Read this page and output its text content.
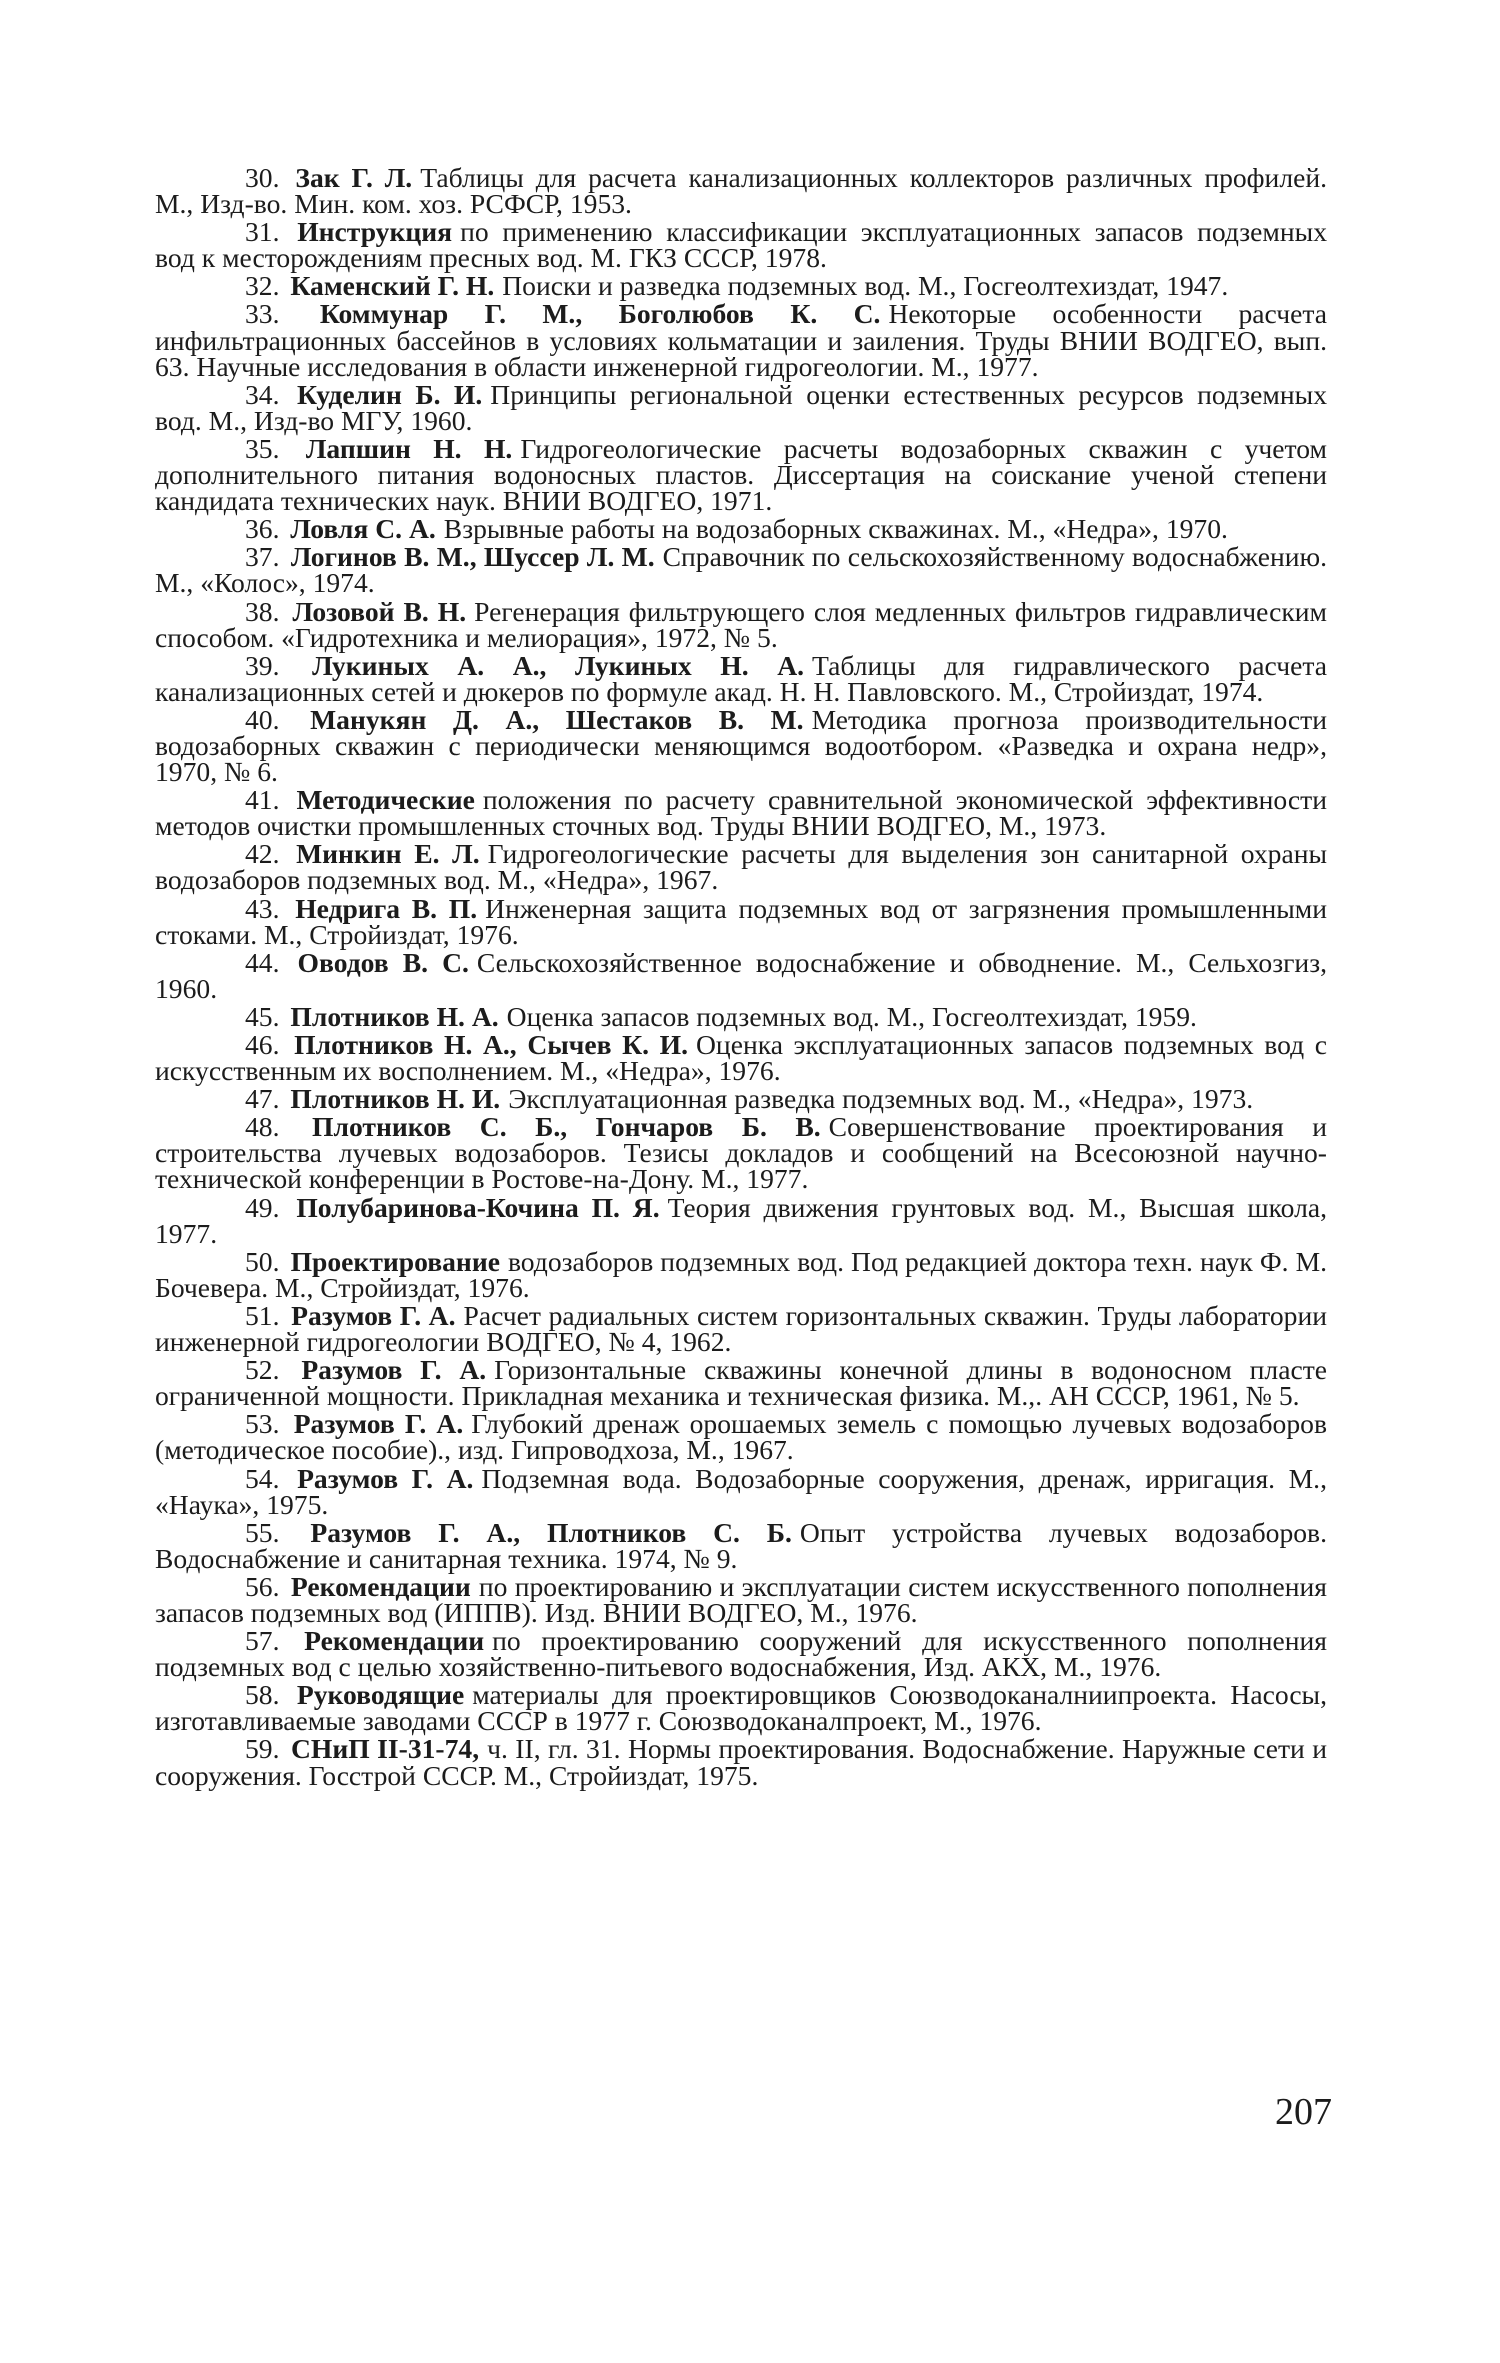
30. Зак Г. Л. Таблицы для расчета канализационных коллекторов различных профилей. М., Изд-во. Мин. ком. хоз. РСФСР, 1953.

31. Инструкция по применению классификации эксплуатационных запасов подземных вод к месторождениям пресных вод. М. ГКЗ СССР, 1978.

32. Каменский Г. Н. Поиски и разведка подземных вод. М., Госгеолтехиздат, 1947.

33. Коммунар Г. М., Боголюбов К. С. Некоторые особенности расчета инфильтрационных бассейнов в условиях кольматации и заиления. Труды ВНИИ ВОДГЕО, вып. 63. Научные исследования в области инженерной гидрогеологии. М., 1977.

34. Куделин Б. И. Принципы региональной оценки естественных ресурсов подземных вод. М., Изд-во МГУ, 1960.

35. Лапшин Н. Н. Гидрогеологические расчеты водозаборных скважин с учетом дополнительного питания водоносных пластов. Диссертация на соискание ученой степени кандидата технических наук. ВНИИ ВОДГЕО, 1971.

36. Ловля С. А. Взрывные работы на водозаборных скважинах. М., «Недра», 1970.

37. Логинов В. М., Шуссер Л. М. Справочник по сельскохозяйственному водоснабжению. М., «Колос», 1974.

38. Лозовой В. Н. Регенерация фильтрующего слоя медленных фильтров гидравлическим способом. «Гидротехника и мелиорация», 1972, № 5.

39. Лукиных А. А., Лукиных Н. А. Таблицы для гидравлического расчета канализационных сетей и дюкеров по формуле акад. Н. Н. Павловского. М., Стройиздат, 1974.

40. Манукян Д. А., Шестаков В. М. Методика прогноза производительности водозаборных скважин с периодически меняющимся водоотбором. «Разведка и охрана недр», 1970, № 6.

41. Методические положения по расчету сравнительной экономической эффективности методов очистки промышленных сточных вод. Труды ВНИИ ВОДГЕО, М., 1973.

42. Минкин Е. Л. Гидрогеологические расчеты для выделения зон санитарной охраны водозаборов подземных вод. М., «Недра», 1967.

43. Недрига В. П. Инженерная защита подземных вод от загрязнения промышленными стоками. М., Стройиздат, 1976.

44. Оводов В. С. Сельскохозяйственное водоснабжение и обводнение. М., Сельхозгиз, 1960.

45. Плотников Н. А. Оценка запасов подземных вод. М., Госгеолтехиздат, 1959.

46. Плотников Н. А., Сычев К. И. Оценка эксплуатационных запасов подземных вод с искусственным их восполнением. М., «Недра», 1976.

47. Плотников Н. И. Эксплуатационная разведка подземных вод. М., «Недра», 1973.

48. Плотников С. Б., Гончаров Б. В. Совершенствование проектирования и строительства лучевых водозаборов. Тезисы докладов и сообщений на Всесоюзной научно-технической конференции в Ростове-на-Дону. М., 1977.

49. Полубаринова-Кочина П. Я. Теория движения грунтовых вод. М., Высшая школа, 1977.

50. Проектирование водозаборов подземных вод. Под редакцией доктора техн. наук Ф. М. Бочевера. М., Стройиздат, 1976.

51. Разумов Г. А. Расчет радиальных систем горизонтальных скважин. Труды лаборатории инженерной гидрогеологии ВОДГЕО, № 4, 1962.

52. Разумов Г. А. Горизонтальные скважины конечной длины в водоносном пласте ограниченной мощности. Прикладная механика и техническая физика. М.,. АН СССР, 1961, № 5.

53. Разумов Г. А. Глубокий дренаж орошаемых земель с помощью лучевых водозаборов (методическое пособие)., изд. Гипроводхоза, М., 1967.

54. Разумов Г. А. Подземная вода. Водозаборные сооружения, дренаж, ирригация. М., «Наука», 1975.

55. Разумов Г. А., Плотников С. Б. Опыт устройства лучевых водозаборов. Водоснабжение и санитарная техника. 1974, № 9.

56. Рекомендации по проектированию и эксплуатации систем искусственного пополнения запасов подземных вод (ИППВ). Изд. ВНИИ ВОДГЕО, М., 1976.

57. Рекомендации по проектированию сооружений для искусственного пополнения подземных вод с целью хозяйственно-питьевого водоснабжения, Изд. АКХ, М., 1976.

58. Руководящие материалы для проектировщиков Союзводоканалниипроекта. Насосы, изготавливаемые заводами СССР в 1977 г. Союзводоканалпроект, М., 1976.

59. СНиП II-31-74, ч. II, гл. 31. Нормы проектирования. Водоснабжение. Наружные сети и сооружения. Госстрой СССР. М., Стройиздат, 1975.

207
